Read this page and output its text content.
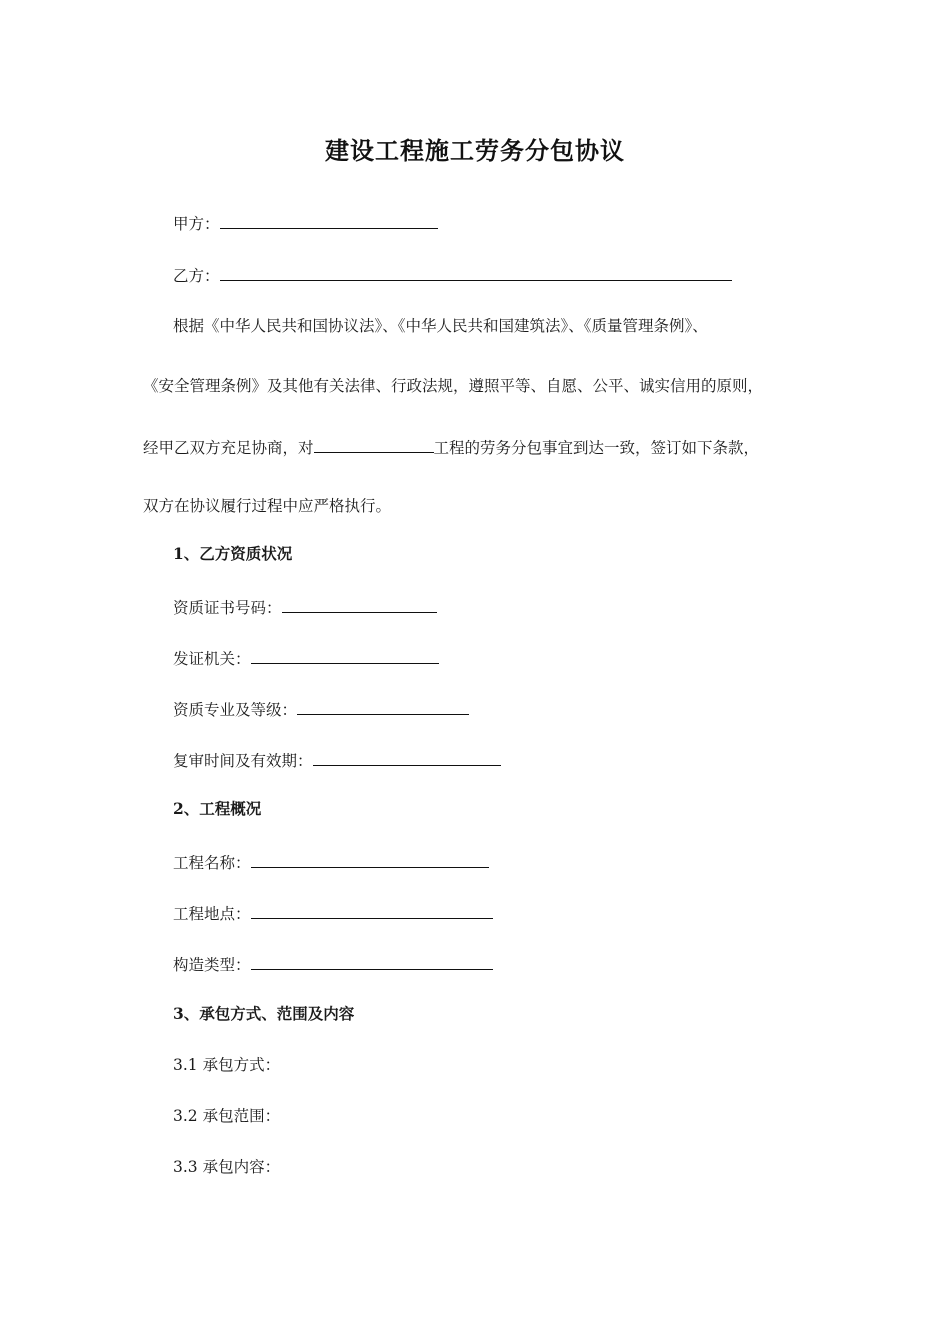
建设工程施工劳务分包协议
甲方：
乙方：
根据《中华人民共和国协议法》、《中华人民共和国建筑法》、《质量管理条例》、
《安全管理条例》及其他有关法律、行政法规，遵照平等、自愿、公平、诚实信用的原则，
经甲乙双方充足协商，对	工程的劳务分包事宜到达一致，签订如下条款，
双方在协议履行过程中应严格执行。
1、乙方资质状况
资质证书号码：
发证机关：
资质专业及等级：
复审时间及有效期：
2、工程概况
工程名称：
工程地点：
构造类型：
3、承包方式、范围及内容
3.1 承包方式：
3.2 承包范围：
3.3 承包内容：
